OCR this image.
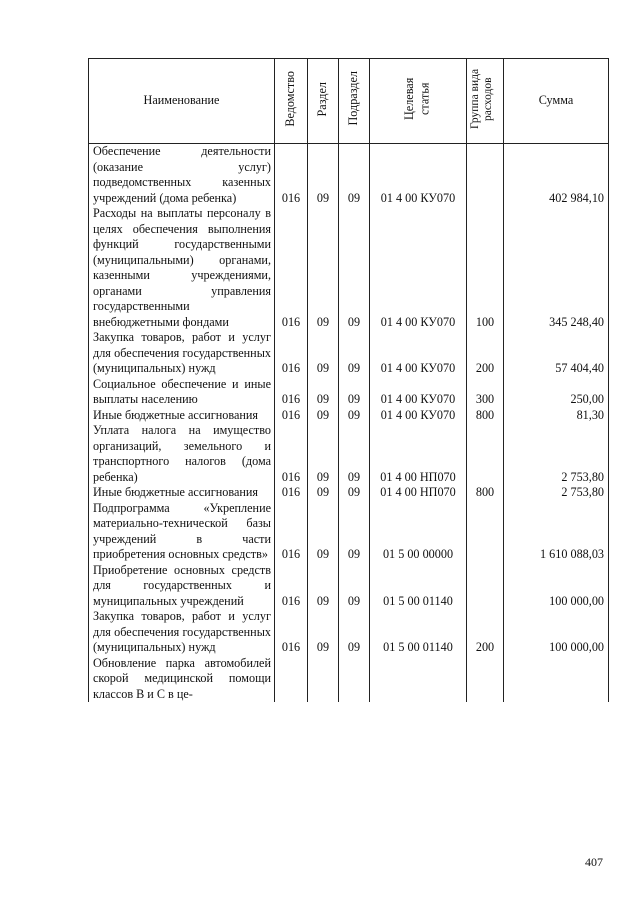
Наименование	Ведомство	Раздел	Подраздел	Целевая статья	Группа вида расходов	Сумма
Обеспечение деятельности (оказание услуг) подведомственных казенных учреждений (дома ребенка)	016	09	09	01 4 00 КУ070		402 984,10
Расходы на выплаты персоналу в целях обеспечения выполнения функций государственными (муниципальными) органами, казенными учреждениями, органами управления государственными внебюджетными фондами	016	09	09	01 4 00 КУ070	100	345 248,40
Закупка товаров, работ и услуг для обеспечения государственных (муниципальных) нужд	016	09	09	01 4 00 КУ070	200	57 404,40
Социальное обеспечение и иные выплаты населению	016	09	09	01 4 00 КУ070	300	250,00
Иные бюджетные ассигнования	016	09	09	01 4 00 КУ070	800	81,30
Уплата налога на имущество организаций, земельного и транспортного налогов (дома ребенка)	016	09	09	01 4 00 НП070		2 753,80
Иные бюджетные ассигнования	016	09	09	01 4 00 НП070	800	2 753,80
Подпрограмма «Укрепление материально-технической базы учреждений в части приобретения основных средств»	016	09	09	01 5 00 00000		1 610 088,03
Приобретение основных средств для государственных и муниципальных учреждений	016	09	09	01 5 00 01140		100 000,00
Закупка товаров, работ и услуг для обеспечения государственных (муниципальных) нужд	016	09	09	01 5 00 01140	200	100 000,00
Обновление парка автомобилей скорой медицинской помощи классов В и С в це-						
407
